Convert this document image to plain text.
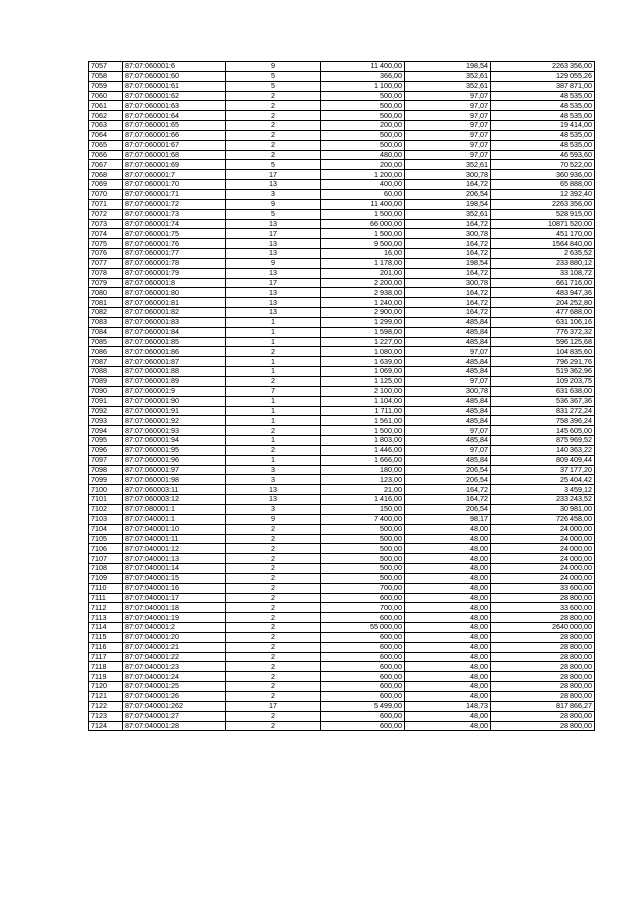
7057	87:07:060001:6	9	11 400,00	198,54	2263 356,00
7058	87:07:060001:60	5	366,00	352,61	129 055,26
7059	87:07:060001:61	5	1 100,00	352,61	387 871,00
7060	87:07:060001:62	2	500,00	97,07	48 535,00
7061	87:07:060001:63	2	500,00	97,07	48 535,00
7062	87:07:060001:64	2	500,00	97,07	48 535,00
7063	87:07:060001:65	2	200,00	97,07	19 414,00
7064	87:07:060001:66	2	500,00	97,07	48 535,00
7065	87:07:060001:67	2	500,00	97,07	48 535,00
7066	87:07:060001:68	2	480,00	97,07	46 593,60
7067	87:07:060001:69	5	200,00	352,61	70 522,00
7068	87:07:060001:7	17	1 200,00	300,78	360 936,00
7069	87:07:060001:70	13	400,00	164,72	65 888,00
7070	87:07:060001:71	3	60,00	206,54	12 392,40
7071	87:07:060001:72	9	11 400,00	198,54	2263 356,00
7072	87:07:060001:73	5	1 500,00	352,61	528 915,00
7073	87:07:060001:74	13	66 000,00	164,72	10871 520,00
7074	87:07:060001:75	17	1 500,00	300,78	451 170,00
7075	87:07:060001:76	13	9 500,00	164,72	1564 840,00
7076	87:07:060001:77	13	16,00	164,72	2 635,52
7077	87:07:060001:78	9	1 178,00	198,54	233 880,12
7078	87:07:060001:79	13	201,00	164,72	33 108,72
7079	87:07:060001:8	17	2 200,00	300,78	661 716,00
7080	87:07:060001:80	13	2 938,00	164,72	483 947,36
7081	87:07:060001:81	13	1 240,00	164,72	204 252,80
7082	87:07:060001:82	13	2 900,00	164,72	477 688,00
7083	87:07:060001:83	1	1 299,00	485,84	631 106,16
7084	87:07:060001:84	1	1 598,00	485,84	776 372,32
7085	87:07:060001:85	1	1 227,00	485,84	596 125,68
7086	87:07:060001:86	2	1 080,00	97,07	104 835,60
7087	87:07:060001:87	1	1 639,00	485,84	796 291,76
7088	87:07:060001:88	1	1 069,00	485,84	519 362,96
7089	87:07:060001:89	2	1 125,00	97,07	109 203,75
7090	87:07:060001:9	7	2 100,00	300,78	631 638,00
7091	87:07:060001:90	1	1 104,00	485,84	536 367,36
7092	87:07:060001:91	1	1 711,00	485,84	831 272,24
7093	87:07:060001:92	1	1 561,00	485,84	758 396,24
7094	87:07:060001:93	2	1 500,00	97,07	145 605,00
7095	87:07:060001:94	1	1 803,00	485,84	875 969,52
7096	87:07:060001:95	2	1 446,00	97,07	140 363,22
7097	87:07:060001:96	1	1 666,00	485,84	809 409,44
7098	87:07:060001:97	3	180,00	206,54	37 177,20
7099	87:07:060001:98	3	123,00	206,54	25 404,42
7100	87:07:060003:11	13	21,00	164,72	3 459,12
7101	87:07:060003:12	13	1 416,00	164,72	233 243,52
7102	87:07:080001:1	3	150,00	206,54	30 981,00
7103	87:07:040001:1	9	7 400,00	98,17	726 458,00
7104	87:07:040001:10	2	500,00	48,00	24 000,00
7105	87:07:040001:11	2	500,00	48,00	24 000,00
7106	87:07:040001:12	2	500,00	48,00	24 000,00
7107	87:07:040001:13	2	500,00	48,00	24 000,00
7108	87:07:040001:14	2	500,00	48,00	24 000,00
7109	87:07:040001:15	2	500,00	48,00	24 000,00
7110	87:07:040001:16	2	700,00	48,00	33 600,00
7111	87:07:040001:17	2	600,00	48,00	28 800,00
7112	87:07:040001:18	2	700,00	48,00	33 600,00
7113	87:07:040001:19	2	600,00	48,00	28 800,00
7114	87:07:040001:2	2	55 000,00	48,00	2640 000,00
7115	87:07:040001:20	2	600,00	48,00	28 800,00
7116	87:07:040001:21	2	600,00	48,00	28 800,00
7117	87:07:040001:22	2	600,00	48,00	28 800,00
7118	87:07:040001:23	2	600,00	48,00	28 800,00
7119	87:07:040001:24	2	600,00	48,00	28 800,00
7120	87:07:040001:25	2	600,00	48,00	28 800,00
7121	87:07:040001:26	2	600,00	48,00	28 800,00
7122	87:07:040001:262	17	5 499,00	148,73	817 866,27
7123	87:07:040001:27	2	600,00	48,00	28 800,00
7124	87:07:040001:28	2	600,00	48,00	28 800,00
